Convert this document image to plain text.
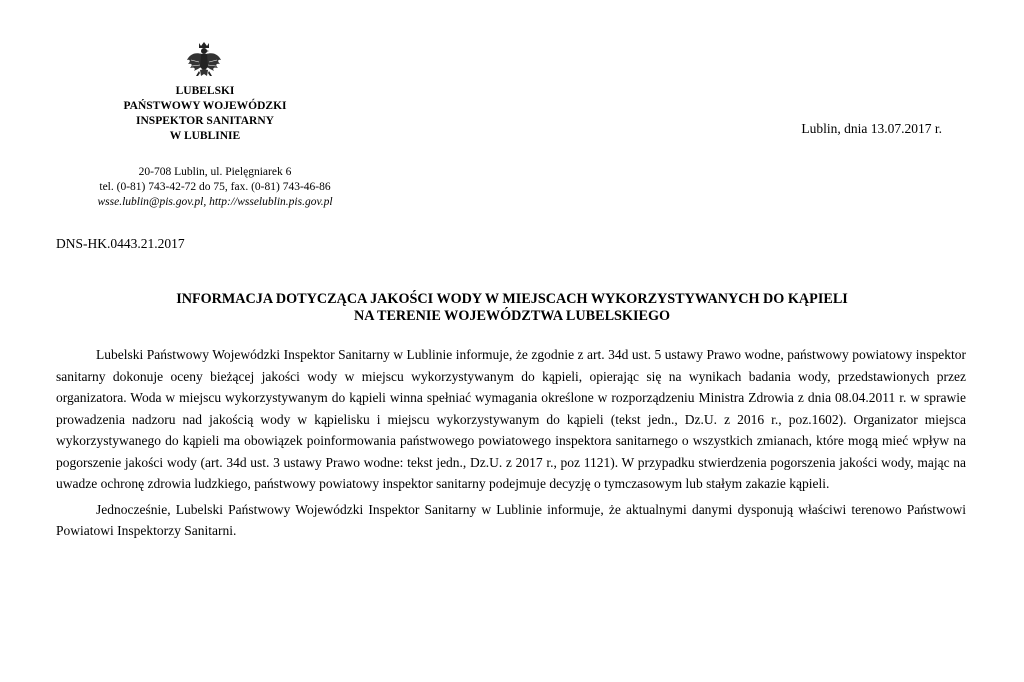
LUBELSKI
PAŃSTWOWY WOJEWÓDZKI
INSPEKTOR SANITARNY
W LUBLINIE
20-708 Lublin, ul. Pielęgniarek 6
tel. (0-81) 743-42-72 do 75, fax. (0-81) 743-46-86
wsse.lublin@pis.gov.pl, http://wsselublin.pis.gov.pl
Lublin, dnia 13.07.2017 r.
DNS-HK.0443.21.2017
INFORMACJA DOTYCZĄCA JAKOŚCI WODY W MIEJSCACH WYKORZYSTYWANYCH DO KĄPIELI
NA TERENIE WOJEWÓDZTWA LUBELSKIEGO

Lubelski Państwowy Wojewódzki Inspektor Sanitarny w Lublinie informuje, że zgodnie z art. 34d ust. 5 ustawy Prawo wodne, państwowy powiatowy inspektor sanitarny dokonuje oceny bieżącej jakości wody w miejscu wykorzystywanym do kąpieli, opierając się na wynikach badania wody, przedstawionych przez organizatora. Woda w miejscu wykorzystywanym do kąpieli winna spełniać wymagania określone w rozporządzeniu Ministra Zdrowia z dnia 08.04.2011 r. w sprawie prowadzenia nadzoru nad jakością wody w kąpielisku i miejscu wykorzystywanym do kąpieli (tekst jedn., Dz.U. z 2016 r., poz.1602). Organizator miejsca wykorzystywanego do kąpieli ma obowiązek poinformowania państwowego powiatowego inspektora sanitarnego o wszystkich zmianach, które mogą mieć wpływ na pogorszenie jakości wody (art. 34d ust. 3 ustawy Prawo wodne: tekst jedn., Dz.U. z 2017 r., poz 1121). W przypadku stwierdzenia pogorszenia jakości wody, mając na uwadze ochronę zdrowia ludzkiego, państwowy powiatowy inspektor sanitarny podejmuje decyzję o tymczasowym lub stałym zakazie kąpieli.

Jednocześnie, Lubelski Państwowy Wojewódzki Inspektor Sanitarny w Lublinie informuje, że aktualnymi danymi dysponują właściwi terenowo Państwowi Powiatowi Inspektorzy Sanitarni.
